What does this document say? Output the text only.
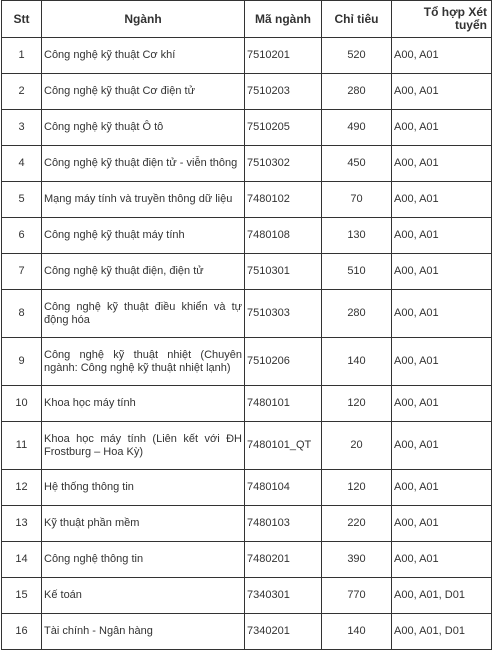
Stt	Ngành	Mã ngành	Chỉ tiêu	Tổ hợp Xét tuyển
1	Công nghệ kỹ thuật Cơ khí	7510201	520	A00, A01
2	Công nghệ kỹ thuật Cơ điện tử	7510203	280	A00, A01
3	Công nghệ kỹ thuật Ô tô	7510205	490	A00, A01
4	Công nghệ kỹ thuật điện tử - viễn thông	7510302	450	A00, A01
5	Mạng máy tính và truyền thông dữ liệu	7480102	70	A00, A01
6	Công nghệ kỹ thuật máy tính	7480108	130	A00, A01
7	Công nghệ kỹ thuật điện, điện tử	7510301	510	A00, A01
8	Công nghệ kỹ thuật điều khiển và tự động hóa	7510303	280	A00, A01
9	Công nghệ kỹ thuật nhiệt (Chuyên ngành: Công nghệ kỹ thuật nhiệt lạnh)	7510206	140	A00, A01
10	Khoa học máy tính	7480101	120	A00, A01
11	Khoa học máy tính (Liên kết với ĐH Frostburg – Hoa Kỳ)	7480101_QT	20	A00, A01
12	Hệ thống thông tin	7480104	120	A00, A01
13	Kỹ thuật phần mềm	7480103	220	A00, A01
14	Công nghệ thông tin	7480201	390	A00, A01
15	Kế toán	7340301	770	A00, A01, D01
16	Tài chính - Ngân hàng	7340201	140	A00, A01, D01
